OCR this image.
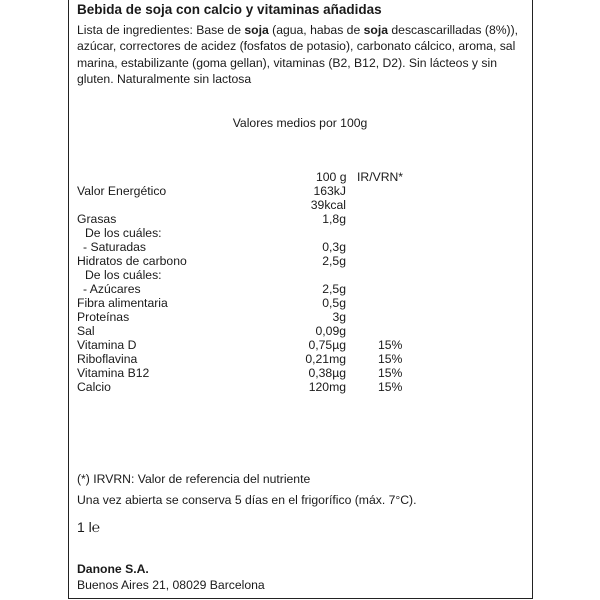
Bebida de soja con calcio y vitaminas añadidas
Lista de ingredientes: Base de soja (agua, habas de soja descascarilladas (8%)), azúcar, correctores de acidez (fosfatos de potasio), carbonato cálcico, aroma, sal marina, estabilizante (goma gellan), vitaminas (B2, B12, D2). Sin lácteos y sin gluten. Naturalmente sin lactosa
Valores medios por 100g
100 g IR/VRN*
Valor Energético	163kJ
39kcal
Grasas	1,8g
De los cuáles:
- Saturadas	0,3g
Hidratos de carbono	2,5g
De los cuáles:
- Azúcares	2,5g
Fibra alimentaria	0,5g
Proteínas	3g
Sal	0,09g
Vitamina D	0,75µg	15%
Riboflavina	0,21mg	15%
Vitamina B12	0,38µg	15%
Calcio	120mg	15%
(*) IRVRN: Valor de referencia del nutriente
Una vez abierta se conserva 5 días en el frigorífico (máx. 7°C).
1 l℮
Danone S.A.
Buenos Aires 21, 08029 Barcelona
